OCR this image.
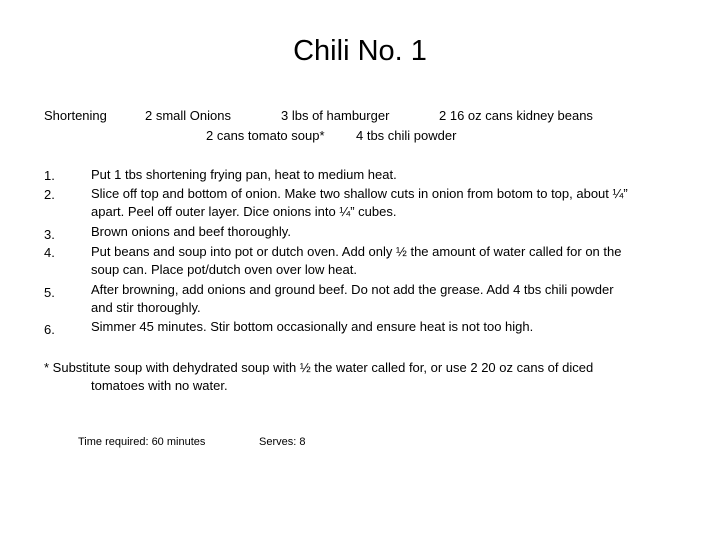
Chili No. 1
Shortening	2 small Onions	3 lbs of hamburger	2 16 oz cans kidney beans
2 cans tomato soup* 4 tbs chili powder
1.	Put 1 tbs shortening frying pan, heat to medium heat.
2.	Slice off top and bottom of onion. Make two shallow cuts in onion from botom to top, about ¼”
apart. Peel off outer layer. Dice onions into ¼” cubes.
3.	Brown onions and beef thoroughly.
4.	Put beans and soup into pot or dutch oven. Add only ½ the amount of water called for on the
soup can. Place pot/dutch oven over low heat.
5.	After browning, add onions and ground beef. Do not add the grease. Add 4 tbs chili powder
and stir thoroughly.
6.	Simmer 45 minutes. Stir bottom occasionally and ensure heat is not too high.
* Substitute soup with dehydrated soup with ½ the water called for, or use 2 20 oz cans of diced
tomatoes with no water.
Time required: 60 minutes	Serves: 8
